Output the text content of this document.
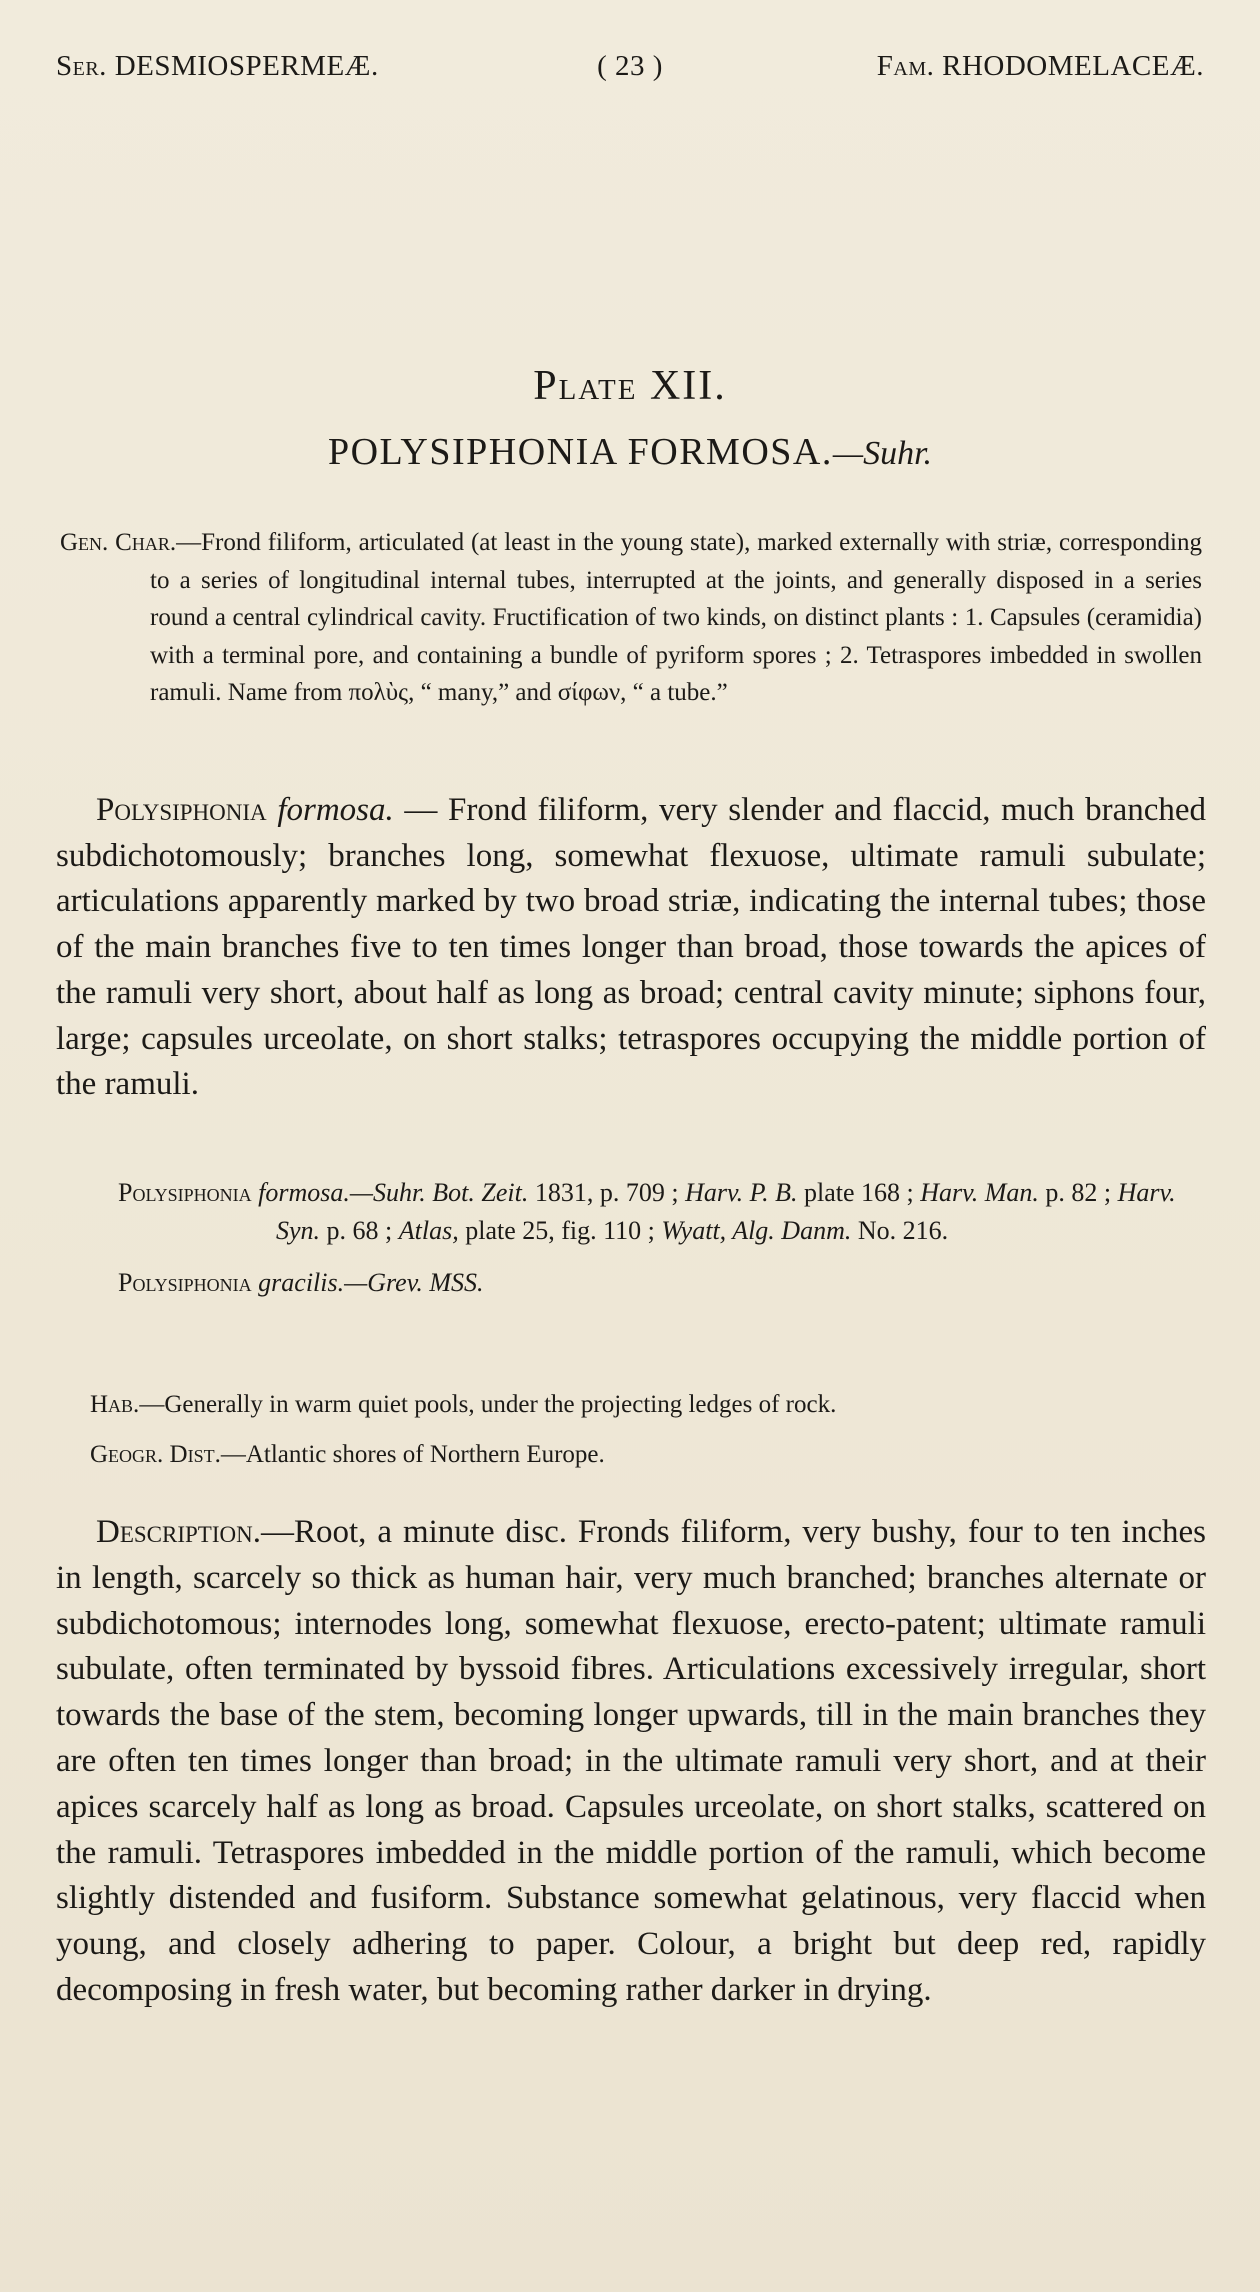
Ser. DESMIOSPERMEÆ.	( 23 )	Fam. RHODOMELACEÆ.
Plate XII.
POLYSIPHONIA FORMOSA.—Suhr.
Gen. Char.—Frond filiform, articulated (at least in the young state), marked externally with striæ, corresponding to a series of longitudinal internal tubes, interrupted at the joints, and generally disposed in a series round a central cylindrical cavity. Fructification of two kinds, on distinct plants : 1. Capsules (ceramidia) with a terminal pore, and containing a bundle of pyriform spores ; 2. Tetraspores imbedded in swollen ramuli. Name from πολὺς, “ many,” and σίφων, “ a tube.”
Polysiphonia formosa. — Frond filiform, very slender and flaccid, much branched subdichotomously; branches long, somewhat flexuose, ultimate ramuli subulate; articulations apparently marked by two broad striæ, indicating the internal tubes; those of the main branches five to ten times longer than broad, those towards the apices of the ramuli very short, about half as long as broad; central cavity minute; siphons four, large; capsules urceolate, on short stalks; tetraspores occupying the middle portion of the ramuli.
Polysiphonia formosa.—Suhr. Bot. Zeit. 1831, p. 709 ; Harv. P. B. plate 168 ; Harv. Man. p. 82 ; Harv. Syn. p. 68 ; Atlas, plate 25, fig. 110 ; Wyatt, Alg. Danm. No. 216.
Polysiphonia gracilis.—Grev. MSS.
Hab.—Generally in warm quiet pools, under the projecting ledges of rock.
Geogr. Dist.—Atlantic shores of Northern Europe.
Description.—Root, a minute disc. Fronds filiform, very bushy, four to ten inches in length, scarcely so thick as human hair, very much branched; branches alternate or subdichotomous; internodes long, somewhat flexuose, erecto-patent; ultimate ramuli subulate, often terminated by byssoid fibres. Articulations excessively irregular, short towards the base of the stem, becoming longer upwards, till in the main branches they are often ten times longer than broad; in the ultimate ramuli very short, and at their apices scarcely half as long as broad. Capsules urceolate, on short stalks, scattered on the ramuli. Tetraspores imbedded in the middle portion of the ramuli, which become slightly distended and fusiform. Substance somewhat gelatinous, very flaccid when young, and closely adhering to paper. Colour, a bright but deep red, rapidly decomposing in fresh water, but becoming rather darker in drying.
